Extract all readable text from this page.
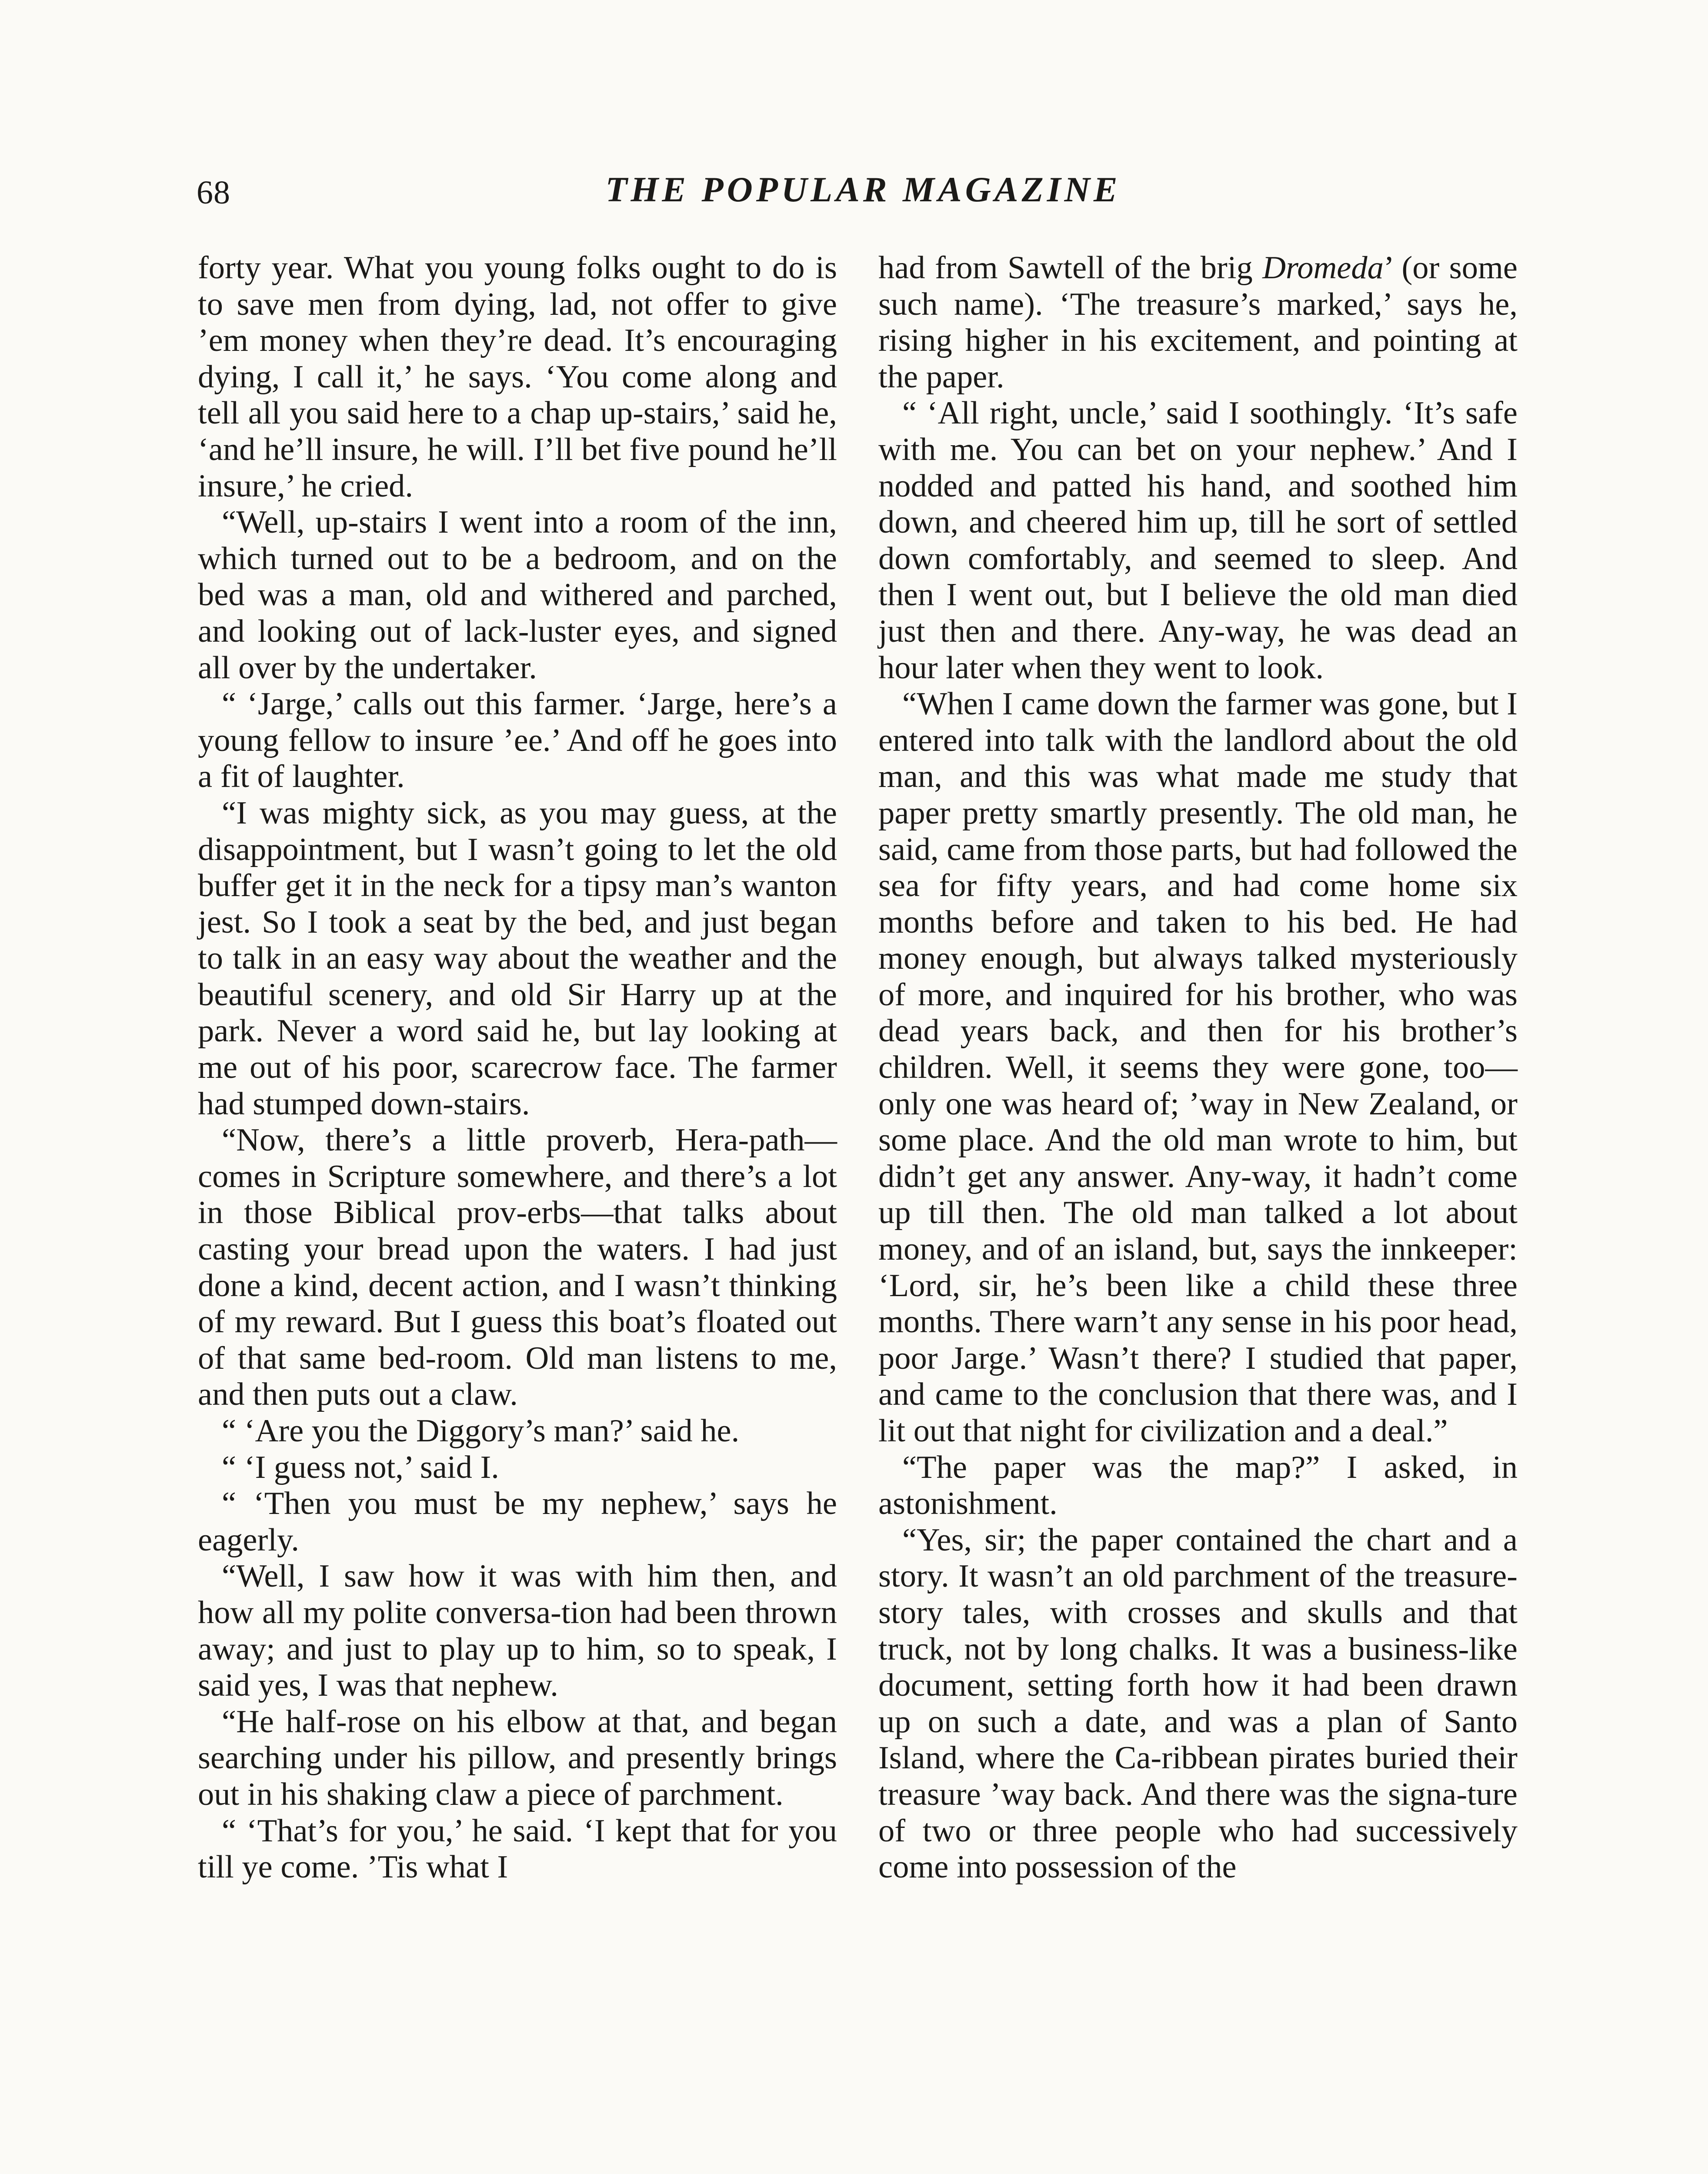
68	THE POPULAR MAGAZINE

forty year. What you young folks ought to do is to save men from dying, lad, not offer to give ’em money when they’re dead. It’s encouraging dying, I call it,’ he says. ‘You come along and tell all you said here to a chap up-stairs,’ said he, ‘and he’ll insure, he will. I’ll bet five pound he’ll insure,’ he cried.

“Well, up-stairs I went into a room of the inn, which turned out to be a bedroom, and on the bed was a man, old and withered and parched, and looking out of lack-luster eyes, and signed all over by the undertaker.

“ ‘Jarge,’ calls out this farmer. ‘Jarge, here’s a young fellow to insure ’ee.’ And off he goes into a fit of laughter.

“I was mighty sick, as you may guess, at the disappointment, but I wasn’t going to let the old buffer get it in the neck for a tipsy man’s wanton jest. So I took a seat by the bed, and just began to talk in an easy way about the weather and the beautiful scenery, and old Sir Harry up at the park. Never a word said he, but lay looking at me out of his poor, scarecrow face. The farmer had stumped down-stairs.

“Now, there’s a little proverb, Hera-path—comes in Scripture somewhere, and there’s a lot in those Biblical prov-erbs—that talks about casting your bread upon the waters. I had just done a kind, decent action, and I wasn’t thinking of my reward. But I guess this boat’s floated out of that same bed-room. Old man listens to me, and then puts out a claw.

“ ‘Are you the Diggory’s man?’ said he.

“ ‘I guess not,’ said I.

“ ‘Then you must be my nephew,’ says he eagerly.

“Well, I saw how it was with him then, and how all my polite conversa-tion had been thrown away; and just to play up to him, so to speak, I said yes, I was that nephew.

“He half-rose on his elbow at that, and began searching under his pillow, and presently brings out in his shaking claw a piece of parchment.

“ ‘That’s for you,’ he said. ‘I kept that for you till ye come. ’Tis what I

had from Sawtell of the brig Dromeda’ (or some such name). ‘The treasure’s marked,’ says he, rising higher in his excitement, and pointing at the paper.

“ ‘All right, uncle,’ said I soothingly. ‘It’s safe with me. You can bet on your nephew.’ And I nodded and patted his hand, and soothed him down, and cheered him up, till he sort of settled down comfortably, and seemed to sleep. And then I went out, but I believe the old man died just then and there. Any-way, he was dead an hour later when they went to look.

“When I came down the farmer was gone, but I entered into talk with the landlord about the old man, and this was what made me study that paper pretty smartly presently. The old man, he said, came from those parts, but had followed the sea for fifty years, and had come home six months before and taken to his bed. He had money enough, but always talked mysteriously of more, and inquired for his brother, who was dead years back, and then for his brother’s children. Well, it seems they were gone, too—only one was heard of; ’way in New Zealand, or some place. And the old man wrote to him, but didn’t get any answer. Any-way, it hadn’t come up till then. The old man talked a lot about money, and of an island, but, says the innkeeper: ‘Lord, sir, he’s been like a child these three months. There warn’t any sense in his poor head, poor Jarge.’ Wasn’t there? I studied that paper, and came to the conclusion that there was, and I lit out that night for civilization and a deal.”

“The paper was the map?” I asked, in astonishment.

“Yes, sir; the paper contained the chart and a story. It wasn’t an old parchment of the treasure-story tales, with crosses and skulls and that truck, not by long chalks. It was a business-like document, setting forth how it had been drawn up on such a date, and was a plan of Santo Island, where the Ca-ribbean pirates buried their treasure ’way back. And there was the signa-ture of two or three people who had successively come into possession of the
